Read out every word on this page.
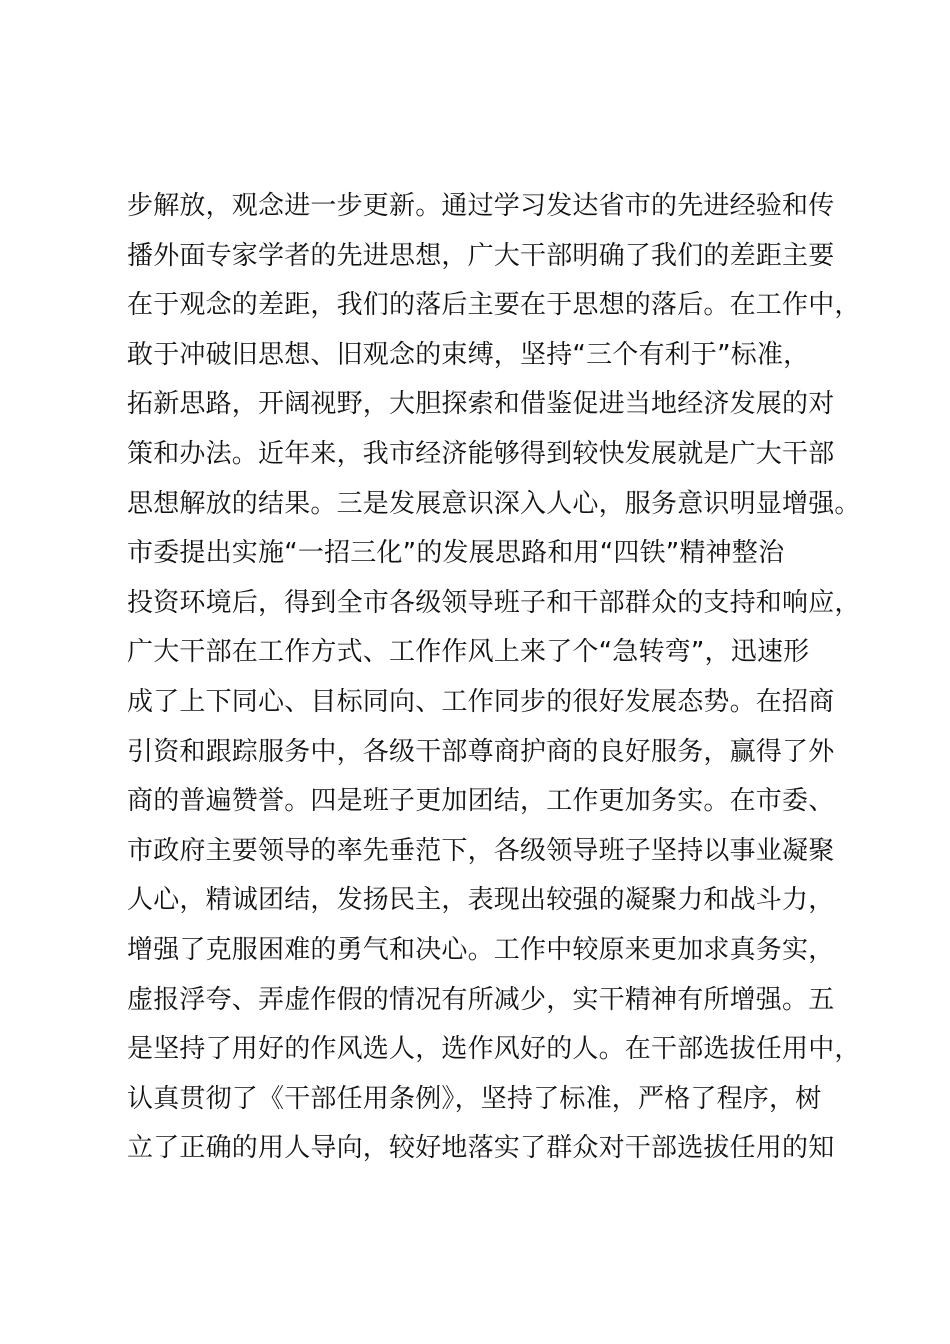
步解放，观念进一步更新。通过学习发达省市的先进经验和传
播外面专家学者的先进思想，广大干部明确了我们的差距主要
在于观念的差距，我们的落后主要在于思想的落后。在工作中，
敢于冲破旧思想、旧观念的束缚，坚持“三个有利于”标准，
拓新思路，开阔视野，大胆探索和借鉴促进当地经济发展的对
策和办法。近年来，我市经济能够得到较快发展就是广大干部
思想解放的结果。三是发展意识深入人心，服务意识明显增强。
市委提出实施“一招三化”的发展思路和用“四铁”精神整治
投资环境后，得到全市各级领导班子和干部群众的支持和响应，
广大干部在工作方式、工作作风上来了个“急转弯”，迅速形
成了上下同心、目标同向、工作同步的很好发展态势。在招商
引资和跟踪服务中，各级干部尊商护商的良好服务，赢得了外
商的普遍赞誉。四是班子更加团结，工作更加务实。在市委、
市政府主要领导的率先垂范下，各级领导班子坚持以事业凝聚
人心，精诚团结，发扬民主，表现出较强的凝聚力和战斗力，
增强了克服困难的勇气和决心。工作中较原来更加求真务实，
虚报浮夸、弄虚作假的情况有所减少，实干精神有所增强。五
是坚持了用好的作风选人，选作风好的人。在干部选拔任用中，
认真贯彻了《干部任用条例》，坚持了标准，严格了程序，树
立了正确的用人导向，较好地落实了群众对干部选拔任用的知
